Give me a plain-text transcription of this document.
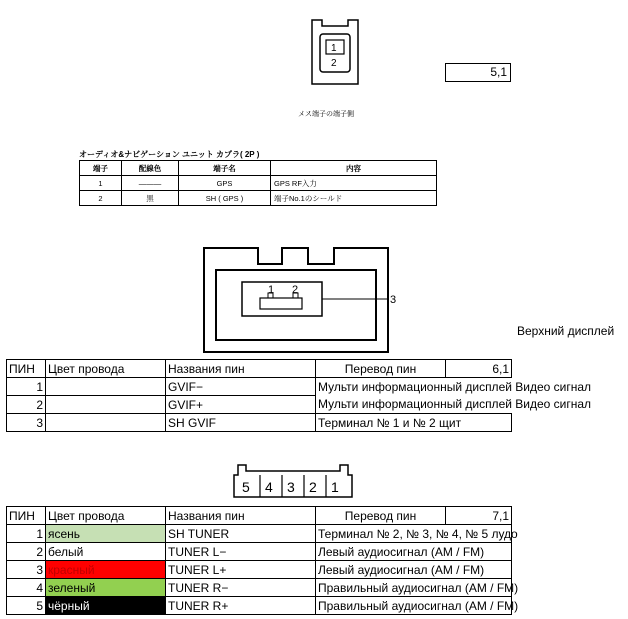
1
2
5,1
メス端子の端子側
オーディオ&ナビゲーション ユニット カプラ( 2P )
端子	配線色	端子名	内容
1	———	GPS	GPS RF入力
2	黒	SH ( GPS )	端子No.1のシールド
1 2
3
Верхний дисплей
ПИН	Цвет провода	Названия пин	Перевод пин	6,1	
1		GVIF−	Мульти информационный дисплей Видео сигнал		
2		GVIF+	Мульти информационный дисплей Видео сигнал		
3		SH GVIF	Терминал № 1 и № 2 щит		
5 4 3 2 1
ПИН	Цвет провода	Названия пин	Перевод пин	7,1	
1	ясень	SH TUNER	Терминал № 2, № 3, № 4, № 5 лудо		
2	белый	TUNER L−	Левый аудиосигнал (AM / FM)		
3	красный	TUNER L+	Левый аудиосигнал (AM / FM)		
4	зеленый	TUNER R−	Правильный аудиосигнал (AM / FM)		
5	чёрный	TUNER R+	Правильный аудиосигнал (AM / FM)		
